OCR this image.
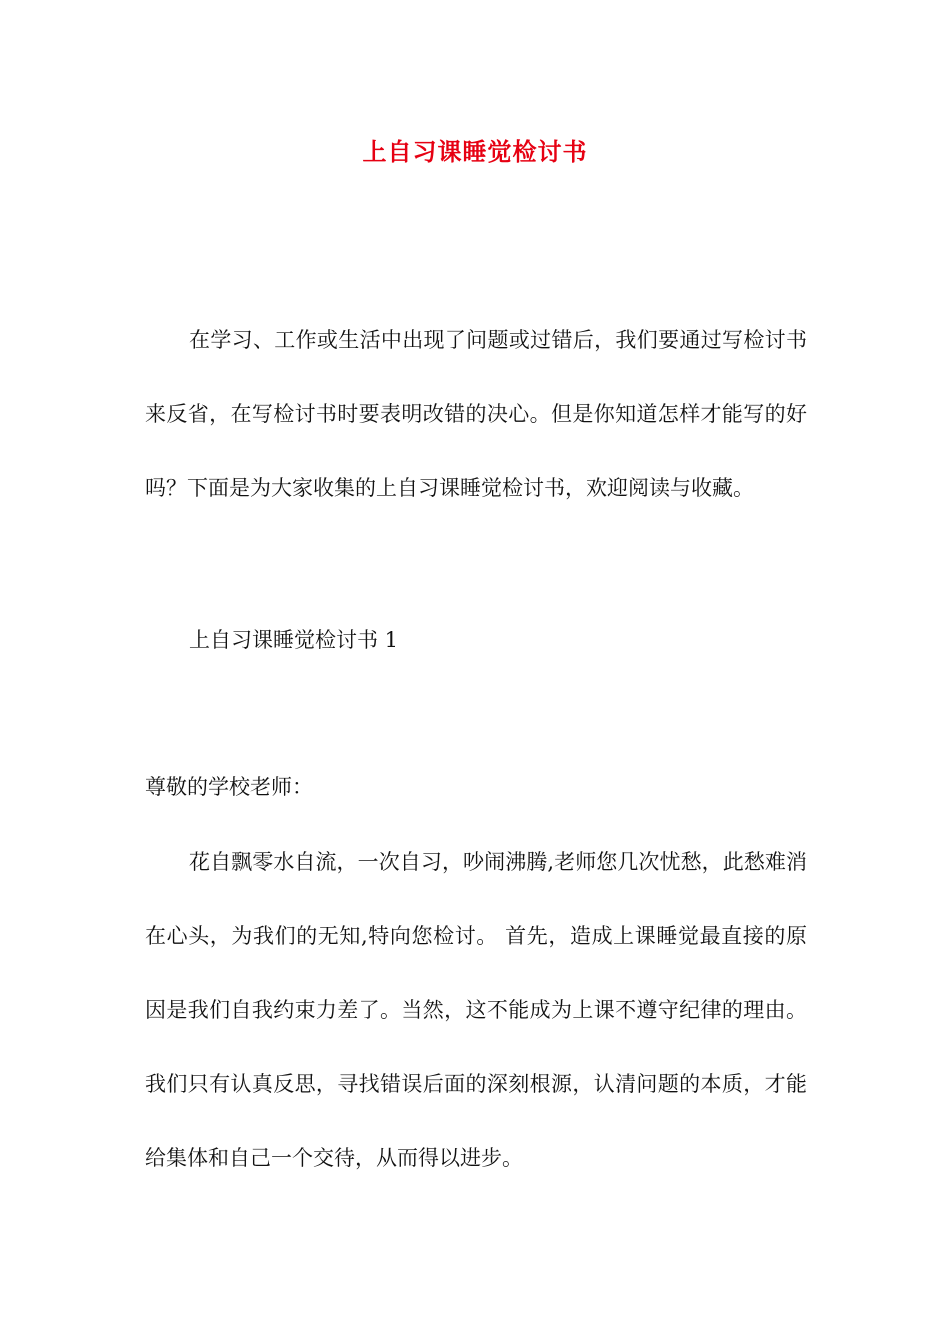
上自习课睡觉检讨书

在学习、工作或生活中出现了问题或过错后，我们要通过写检讨书来反省，在写检讨书时要表明改错的决心。但是你知道怎样才能写的好吗？下面是为大家收集的上自习课睡觉检讨书，欢迎阅读与收藏。

上自习课睡觉检讨书 1

尊敬的学校老师：

花自飘零水自流，一次自习，吵闹沸腾,老师您几次忧愁，此愁难消在心头，为我们的无知,特向您检讨。 首先，造成上课睡觉最直接的原因是我们自我约束力差了。当然，这不能成为上课不遵守纪律的理由。我们只有认真反思，寻找错误后面的深刻根源，认清问题的本质，才能给集体和自己一个交待，从而得以进步。
